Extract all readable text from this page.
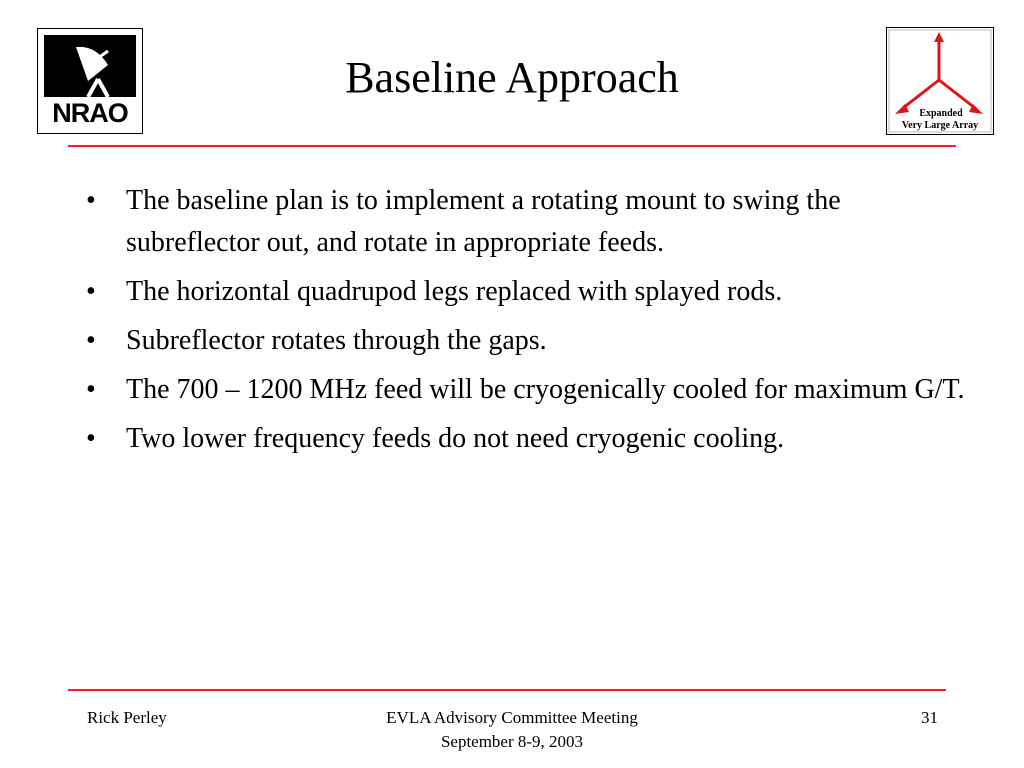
NRAO
Baseline Approach
Expanded
Very Large Array
• The baseline plan is to implement a rotating mount to swing the subreflector out, and rotate in appropriate feeds.
• The horizontal quadrupod legs replaced with splayed rods.
• Subreflector rotates through the gaps.
• The 700 – 1200 MHz feed will be cryogenically cooled for maximum G/T.
• Two lower frequency feeds do not need cryogenic cooling.
Rick Perley	EVLA Advisory Committee Meeting
September 8-9, 2003
31
